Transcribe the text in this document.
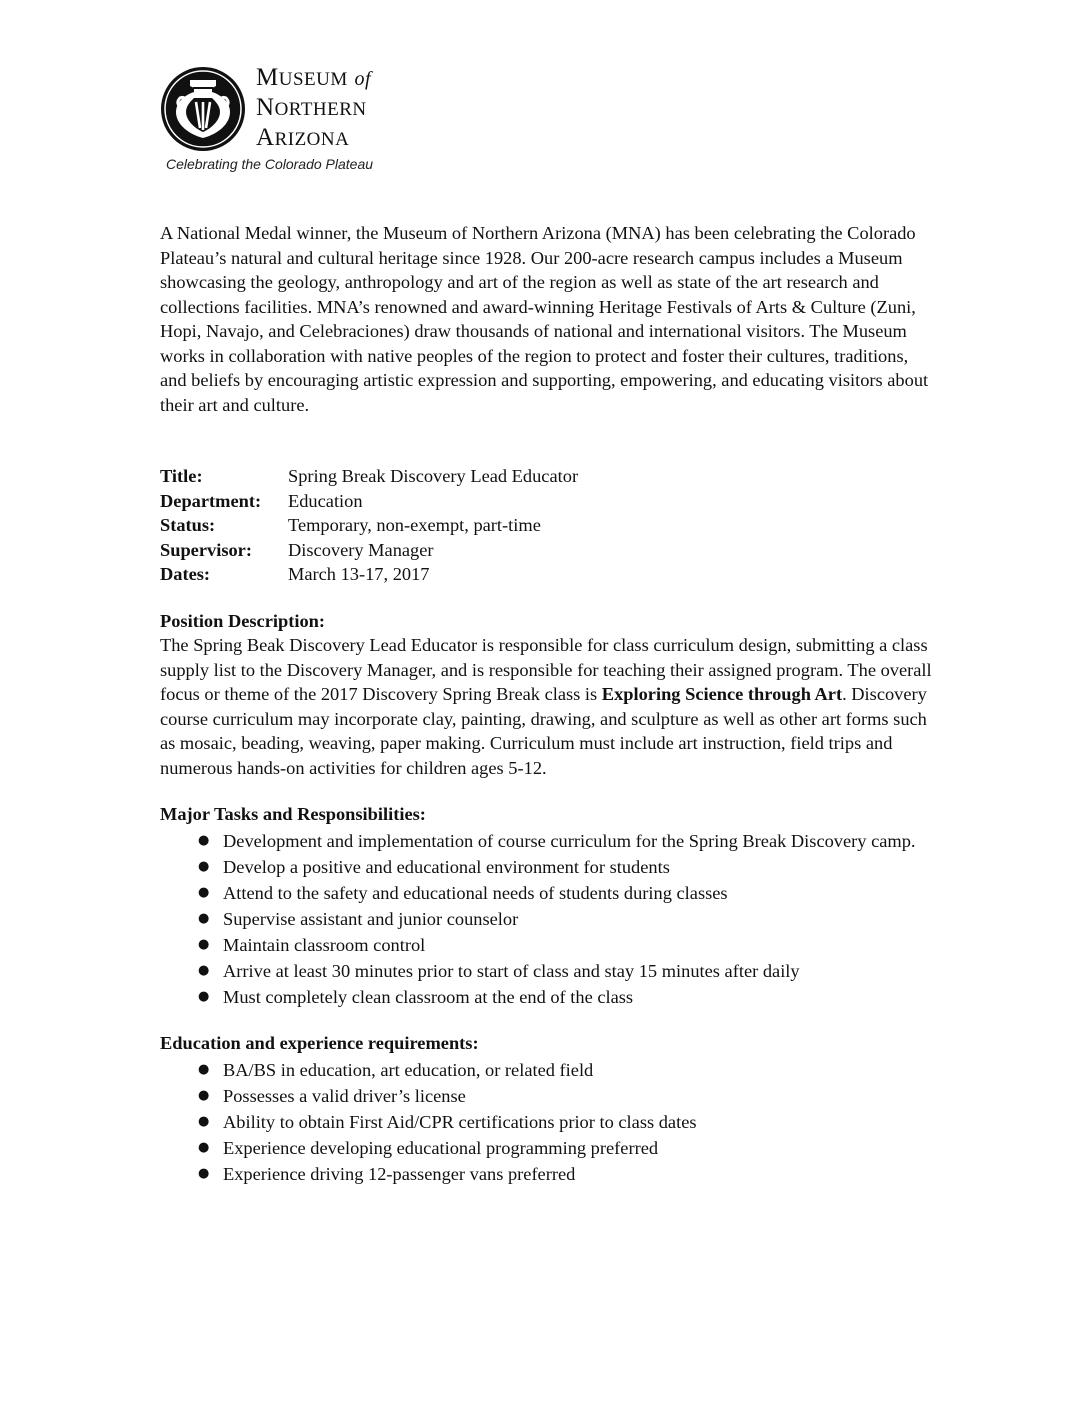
MUSEUM of
NORTHERN
ARIZONA
Celebrating the Colorado Plateau

A National Medal winner, the Museum of Northern Arizona (MNA) has been celebrating the Colorado Plateau’s natural and cultural heritage since 1928. Our 200-acre research campus includes a Museum showcasing the geology, anthropology and art of the region as well as state of the art research and collections facilities. MNA’s renowned and award-winning Heritage Festivals of Arts & Culture (Zuni, Hopi, Navajo, and Celebraciones) draw thousands of national and international visitors. The Museum works in collaboration with native peoples of the region to protect and foster their cultures, traditions, and beliefs by encouraging artistic expression and supporting, empowering, and educating visitors about their art and culture.

Title:	Spring Break Discovery Lead Educator
Department:	Education
Status:	Temporary, non-exempt, part-time
Supervisor:	Discovery Manager
Dates:	March 13-17, 2017

Position Description:

The Spring Beak Discovery Lead Educator is responsible for class curriculum design, submitting a class supply list to the Discovery Manager, and is responsible for teaching their assigned program. The overall focus or theme of the 2017 Discovery Spring Break class is Exploring Science through Art. Discovery course curriculum may incorporate clay, painting, drawing, and sculpture as well as other art forms such as mosaic, beading, weaving, paper making. Curriculum must include art instruction, field trips and numerous hands-on activities for children ages 5-12.

Major Tasks and Responsibilities:

● Development and implementation of course curriculum for the Spring Break Discovery camp.
● Develop a positive and educational environment for students
● Attend to the safety and educational needs of students during classes
● Supervise assistant and junior counselor
● Maintain classroom control
● Arrive at least 30 minutes prior to start of class and stay 15 minutes after daily
● Must completely clean classroom at the end of the class

Education and experience requirements:

● BA/BS in education, art education, or related field
● Possesses a valid driver’s license
● Ability to obtain First Aid/CPR certifications prior to class dates
● Experience developing educational programming preferred
● Experience driving 12-passenger vans preferred
